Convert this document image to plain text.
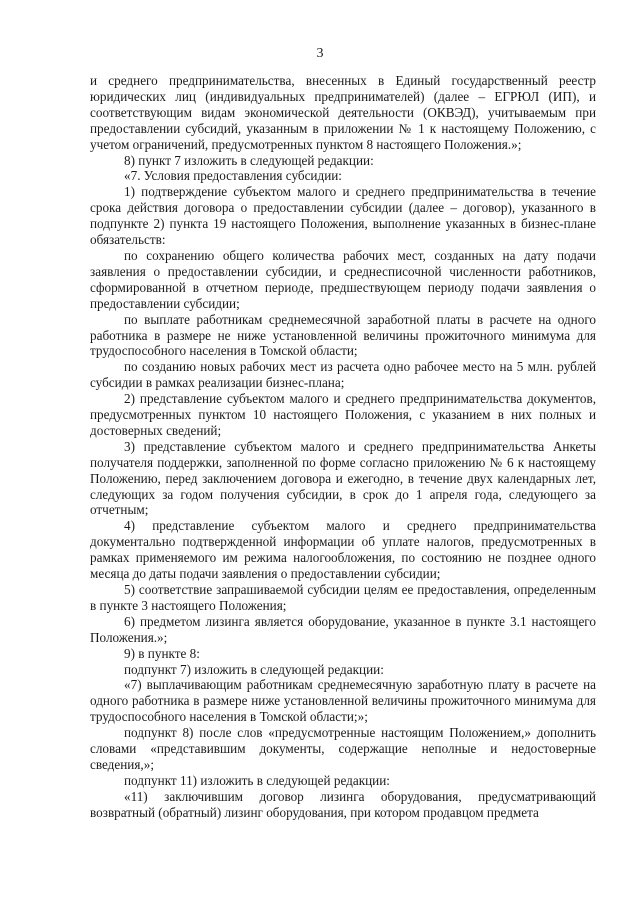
3

и среднего предпринимательства, внесенных в Единый государственный реестр юридических лиц (индивидуальных предпринимателей) (далее – ЕГРЮЛ (ИП), и соответствующим видам экономической деятельности (ОКВЭД), учитываемым при предоставлении субсидий, указанным в приложении № 1 к настоящему Положению, с учетом ограничений, предусмотренных пунктом 8 настоящего Положения.»;

8) пункт 7 изложить в следующей редакции:

«7. Условия предоставления субсидии:

1) подтверждение субъектом малого и среднего предпринимательства в течение срока действия договора о предоставлении субсидии (далее – договор), указанного в подпункте 2) пункта 19 настоящего Положения, выполнение указанных в бизнес-плане обязательств:

по сохранению общего количества рабочих мест, созданных на дату подачи заявления о предоставлении субсидии, и среднесписочной численности работников, сформированной в отчетном периоде, предшествующем периоду подачи заявления о предоставлении субсидии;

по выплате работникам среднемесячной заработной платы в расчете на одного работника в размере не ниже установленной величины прожиточного минимума для трудоспособного населения в Томской области;

по созданию новых рабочих мест из расчета одно рабочее место на 5 млн. рублей субсидии в рамках реализации бизнес-плана;

2) представление субъектом малого и среднего предпринимательства документов, предусмотренных пунктом 10 настоящего Положения, с указанием в них полных и достоверных сведений;

3) представление субъектом малого и среднего предпринимательства Анкеты получателя поддержки, заполненной по форме согласно приложению № 6 к настоящему Положению, перед заключением договора и ежегодно, в течение двух календарных лет, следующих за годом получения субсидии, в срок до 1 апреля года, следующего за отчетным;

4) представление субъектом малого и среднего предпринимательства документально подтвержденной информации об уплате налогов, предусмотренных в рамках применяемого им режима налогообложения, по состоянию не позднее одного месяца до даты подачи заявления о предоставлении субсидии;

5) соответствие запрашиваемой субсидии целям ее предоставления, определенным в пункте 3 настоящего Положения;

6) предметом лизинга является оборудование, указанное в пункте 3.1 настоящего Положения.»;

9) в пункте 8:

подпункт 7) изложить в следующей редакции:

«7) выплачивающим работникам среднемесячную заработную плату в расчете на одного работника в размере ниже установленной величины прожиточного минимума для трудоспособного населения в Томской области;»;

подпункт 8) после слов «предусмотренные настоящим Положением,» дополнить словами «представившим документы, содержащие неполные и недостоверные сведения,»;

подпункт 11) изложить в следующей редакции:

«11) заключившим договор лизинга оборудования, предусматривающий возвратный (обратный) лизинг оборудования, при котором продавцом предмета
